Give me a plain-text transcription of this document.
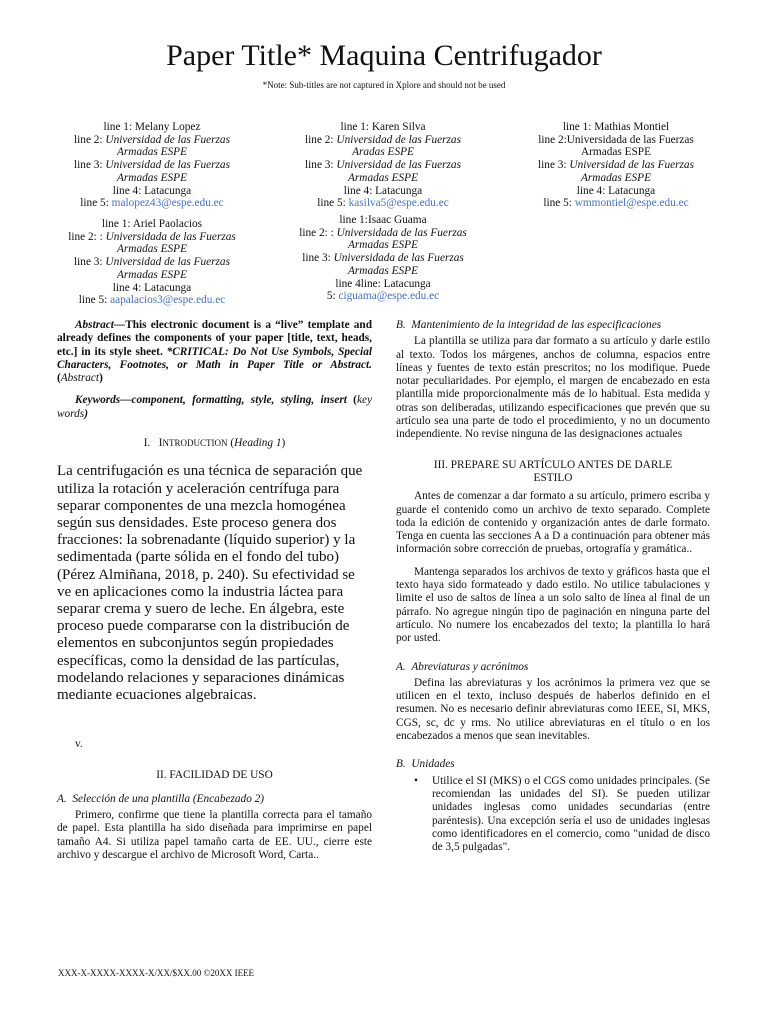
Paper Title* Maquina Centrifugador
*Note: Sub-titles are not captured in Xplore and should not be used
line 1: Melany Lopez
line 2: Universidad de las Fuerzas
Armadas ESPE
line 3: Universidad de las Fuerzas
Armadas ESPE
line 4: Latacunga
line 5: malopez43@espe.edu.ec
line 1: Karen Silva
line 2: Universidad de las Fuerzas
Aradas ESPE
line 3: Universidad de las Fuerzas
Armadas ESPE
line 4: Latacunga
line 5: kasilva5@espe.edu.ec
line 1: Mathias Montiel
line 2:Universidada de las Fuerzas
Armadas ESPE
line 3: Universidad de las Fuerzas
Armadas ESPE
line 4: Latacunga
line 5: wmmontiel@espe.edu.ec
line 1: Ariel Paolacios
line 2: : Universidada de las Fuerzas
Armadas ESPE
line 3: Universidad de las Fuerzas
Armadas ESPE
line 4: Latacunga
line 5: aapalacios3@espe.edu.ec
line 1:Isaac Guama
line 2: : Universidada de las Fuerzas
Armadas ESPE
line 3: Universidada de las Fuerzas
Armadas ESPE
line 4line: Latacunga
5: ciguama@espe.edu.ec
Abstract—This electronic document is a “live” template and already defines the components of your paper [title, text, heads, etc.] in its style sheet. *CRITICAL: Do Not Use Symbols, Special Characters, Footnotes, or Math in Paper Title or Abstract. (Abstract)
Keywords—component, formatting, style, styling, insert (key words)
I. INTRODUCTION (Heading 1)
La centrifugación es una técnica de separación que utiliza la rotación y aceleración centrífuga para separar componentes de una mezcla homogénea según sus densidades. Este proceso genera dos fracciones: la sobrenadante (líquido superior) y la sedimentada (parte sólida en el fondo del tubo) (Pérez Almiñana, 2018, p. 240). Su efectividad se ve en aplicaciones como la industria láctea para separar crema y suero de leche. En álgebra, este proceso puede compararse con la distribución de elementos en subconjuntos según propiedades específicas, como la densidad de las partículas, modelando relaciones y separaciones dinámicas mediante ecuaciones algebraicas.
v.
II. FACILIDAD DE USO
A. Selección de una plantilla (Encabezado 2)
Primero, confirme que tiene la plantilla correcta para el tamaño de papel. Esta plantilla ha sido diseñada para imprimirse en papel tamaño A4. Si utiliza papel tamaño carta de EE. UU., cierre este archivo y descargue el archivo de Microsoft Word, Carta..
B. Mantenimiento de la integridad de las especificaciones
La plantilla se utiliza para dar formato a su artículo y darle estilo al texto. Todos los márgenes, anchos de columna, espacios entre líneas y fuentes de texto están prescritos; no los modifique. Puede notar peculiaridades. Por ejemplo, el margen de encabezado en esta plantilla mide proporcionalmente más de lo habitual. Esta medida y otras son deliberadas, utilizando especificaciones que prevén que su artículo sea una parte de todo el procedimiento, y no un documento independiente. No revise ninguna de las designaciones actuales
III. PREPARE SU ARTÍCULO ANTES DE DARLE ESTILO
Antes de comenzar a dar formato a su artículo, primero escriba y guarde el contenido como un archivo de texto separado. Complete toda la edición de contenido y organización antes de darle formato. Tenga en cuenta las secciones A a D a continuación para obtener más información sobre corrección de pruebas, ortografía y gramática..
Mantenga separados los archivos de texto y gráficos hasta que el texto haya sido formateado y dado estilo. No utilice tabulaciones y limite el uso de saltos de línea a un solo salto de línea al final de un párrafo. No agregue ningún tipo de paginación en ninguna parte del artículo. No numere los encabezados del texto; la plantilla lo hará por usted.
A. Abreviaturas y acrónimos
Defina las abreviaturas y los acrónimos la primera vez que se utilicen en el texto, incluso después de haberlos definido en el resumen. No es necesario definir abreviaturas como IEEE, SI, MKS, CGS, sc, dc y rms. No utilice abreviaturas en el título o en los encabezados a menos que sean inevitables.
B. Unidades
• Utilice el SI (MKS) o el CGS como unidades principales. (Se recomiendan las unidades del SI). Se pueden utilizar unidades inglesas como unidades secundarias (entre paréntesis). Una excepción sería el uso de unidades inglesas como identificadores en el comercio, como "unidad de disco de 3,5 pulgadas".
XXX-X-XXXX-XXXX-X/XX/$XX.00 ©20XX IEEE
